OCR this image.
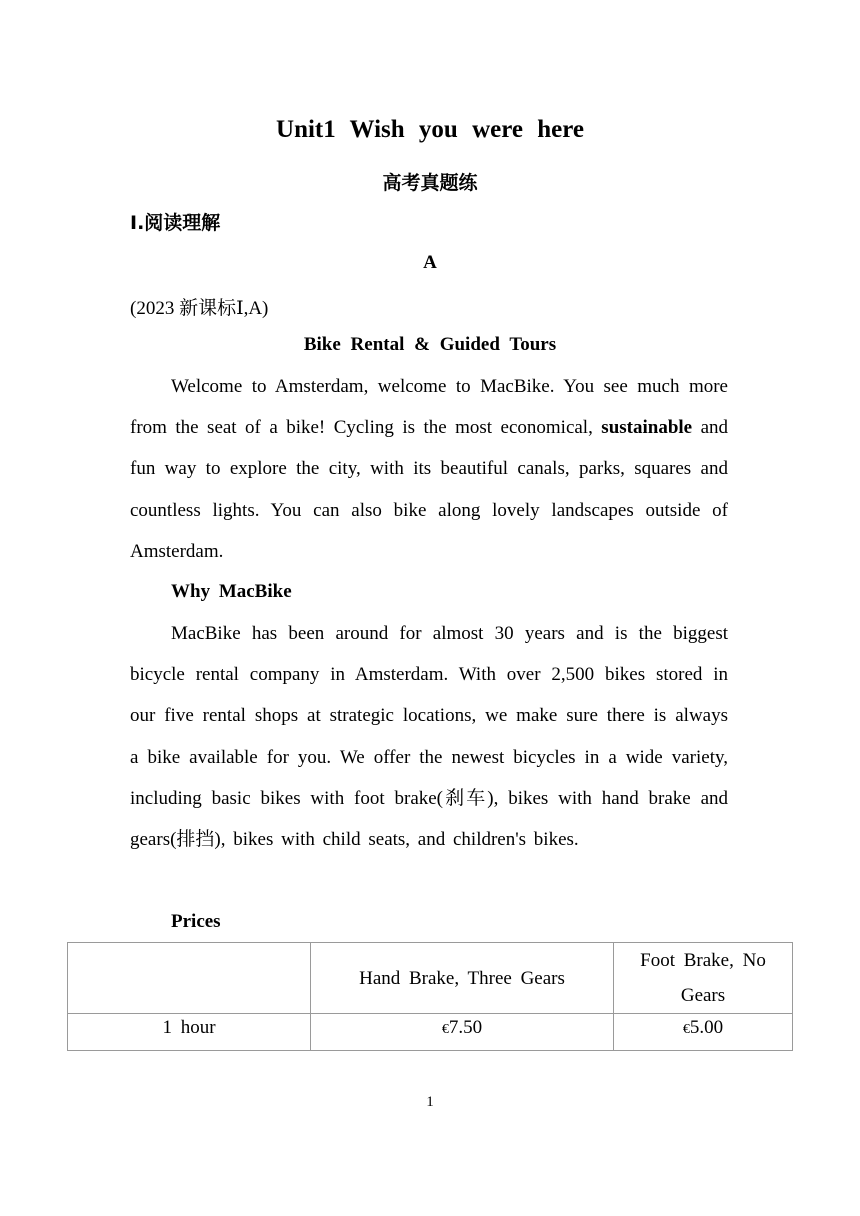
Unit1 Wish you were here
高考真题练
Ⅰ.阅读理解
A
(2023 新课标Ⅰ,A)
Bike Rental & Guided Tours
Welcome to Amsterdam, welcome to MacBike. You see much more from the seat of a bike! Cycling is the most economical, sustainable and fun way to explore the city, with its beautiful canals, parks, squares and countless lights. You can also bike along lovely landscapes outside of Amsterdam.
Why MacBike
MacBike has been around for almost 30 years and is the biggest bicycle rental company in Amsterdam. With over 2,500 bikes stored in our five rental shops at strategic locations, we make sure there is always a bike available for you. We offer the newest bicycles in a wide variety, including basic bikes with foot brake(刹车), bikes with hand brake and gears(排挡), bikes with child seats, and children's bikes.
Prices
	Hand Brake, Three Gears	Foot Brake, No Gears
1 hour	€7.50	€5.00
1
